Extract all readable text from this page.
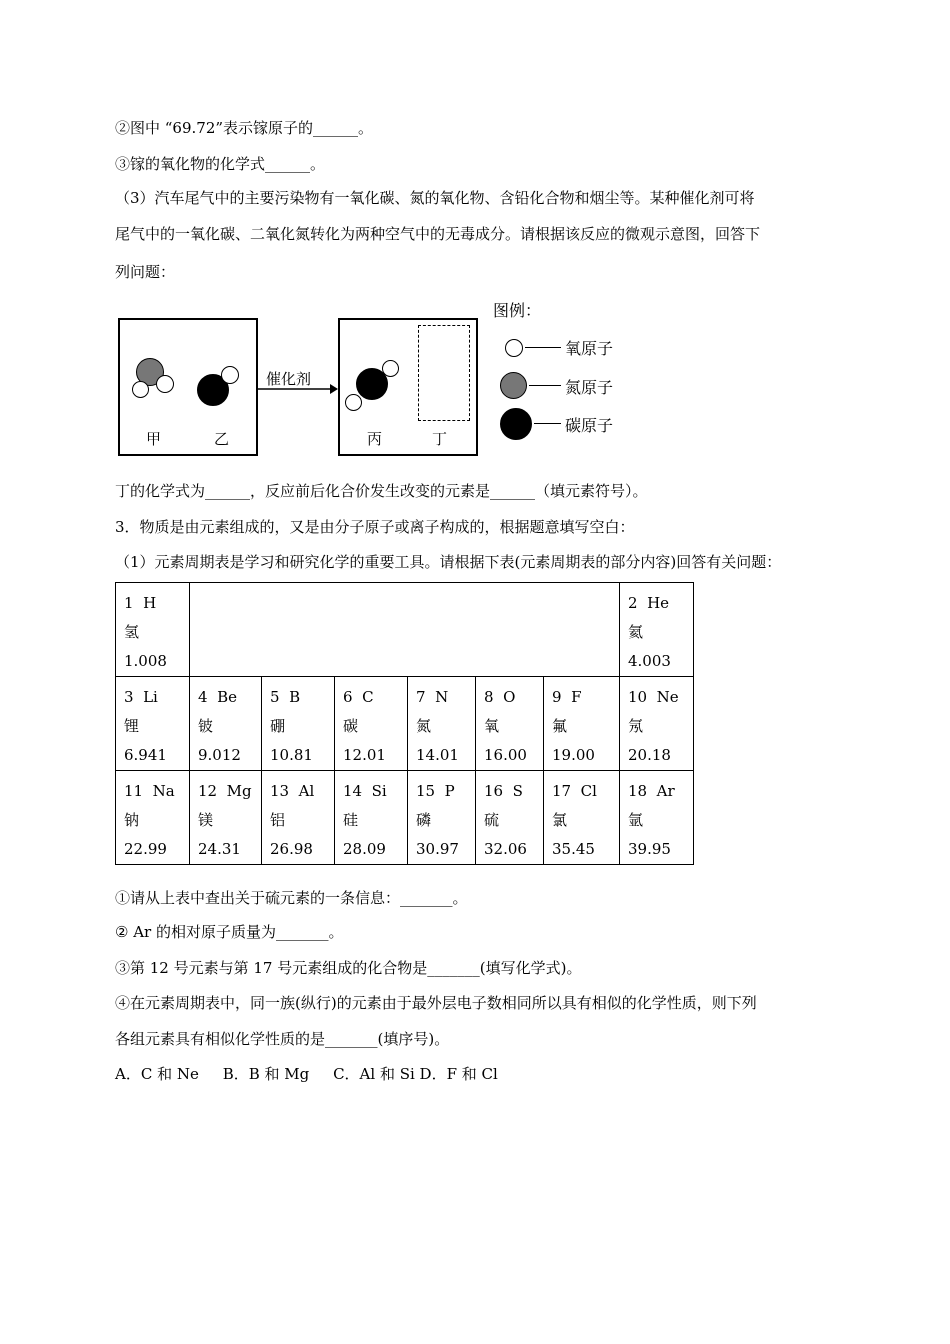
②图中 “69.72”表示镓原子的______。
③镓的氧化物的化学式______。
（3）汽车尾气中的主要污染物有一氧化碳、氮的氧化物、含铅化合物和烟尘等。某种催化剂可将
尾气中的一氧化碳、二氧化氮转化为两种空气中的无毒成分。请根据该反应的微观示意图，回答下
列问题：
甲	乙
催化剂
丙	丁
图例：
氧原子
氮原子
碳原子
丁的化学式为______，反应前后化合价发生改变的元素是______（填元素符号）。
3．物质是由元素组成的，又是由分子原子或离子构成的，根据题意填写空白：
（1）元素周期表是学习和研究化学的重要工具。请根据下表(元素周期表的部分内容)回答有关问题：
1 H
氢
1.008							2 He
氦
4.003

3 Li
锂
6.941	4 Be
铍
9.012	5 B
硼
10.81	6 C
碳
12.01	7 N
氮
14.01	8 O
氧
16.00	9 F
氟
19.00	10 Ne
氖
20.18

11 Na
钠
22.99	12 Mg
镁
24.31	13 Al
铝
26.98	14 Si
硅
28.09	15 P
磷
30.97	16 S
硫
32.06	17 Cl
氯
35.45	18 Ar
氩
39.95
①请从上表中查出关于硫元素的一条信息：_______。
② Ar 的相对原子质量为_______。
③第 12 号元素与第 17 号元素组成的化合物是_______(填写化学式)。
④在元素周期表中，同一族(纵行)的元素由于最外层电子数相同所以具有相似的化学性质，则下列
各组元素具有相似化学性质的是_______(填序号)。
A．C 和 Ne     B．B 和 Mg     C．Al 和 Si D．F 和 Cl
